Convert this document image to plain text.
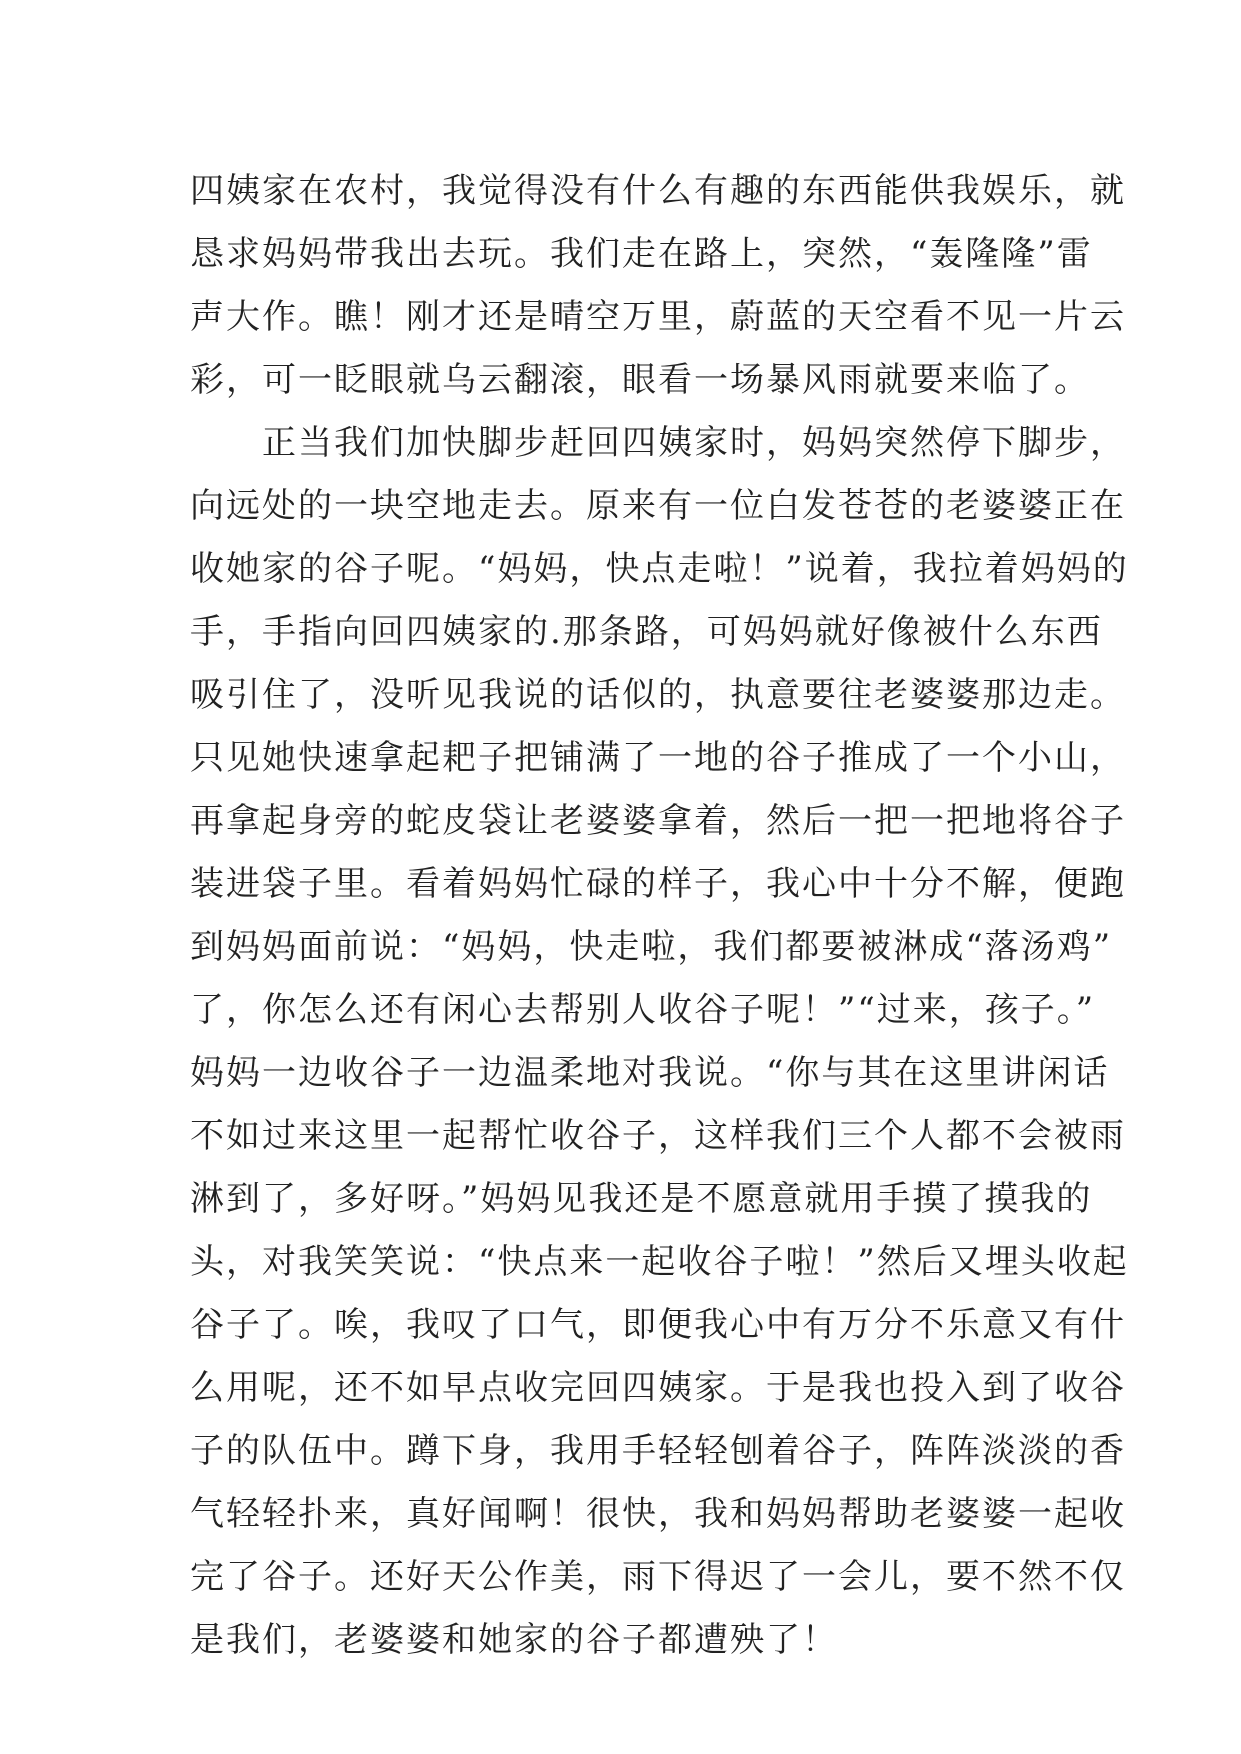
四姨家在农村，我觉得没有什么有趣的东西能供我娱乐，就
恳求妈妈带我出去玩。我们走在路上，突然，“轰隆隆”雷
声大作。瞧！刚才还是晴空万里，蔚蓝的天空看不见一片云
彩，可一眨眼就乌云翻滚，眼看一场暴风雨就要来临了。
　　正当我们加快脚步赶回四姨家时，妈妈突然停下脚步，
向远处的一块空地走去。原来有一位白发苍苍的老婆婆正在
收她家的谷子呢。“妈妈，快点走啦！”说着，我拉着妈妈的
手，手指向回四姨家的.那条路，可妈妈就好像被什么东西
吸引住了，没听见我说的话似的，执意要往老婆婆那边走。
只见她快速拿起耙子把铺满了一地的谷子推成了一个小山，
再拿起身旁的蛇皮袋让老婆婆拿着，然后一把一把地将谷子
装进袋子里。看着妈妈忙碌的样子，我心中十分不解，便跑
到妈妈面前说：“妈妈，快走啦，我们都要被淋成“落汤鸡”
了，你怎么还有闲心去帮别人收谷子呢！”“过来，孩子。”
妈妈一边收谷子一边温柔地对我说。“你与其在这里讲闲话
不如过来这里一起帮忙收谷子，这样我们三个人都不会被雨
淋到了，多好呀。”妈妈见我还是不愿意就用手摸了摸我的
头，对我笑笑说：“快点来一起收谷子啦！”然后又埋头收起
谷子了。唉，我叹了口气，即便我心中有万分不乐意又有什
么用呢，还不如早点收完回四姨家。于是我也投入到了收谷
子的队伍中。蹲下身，我用手轻轻刨着谷子，阵阵淡淡的香
气轻轻扑来，真好闻啊！很快，我和妈妈帮助老婆婆一起收
完了谷子。还好天公作美，雨下得迟了一会儿，要不然不仅
是我们，老婆婆和她家的谷子都遭殃了！
